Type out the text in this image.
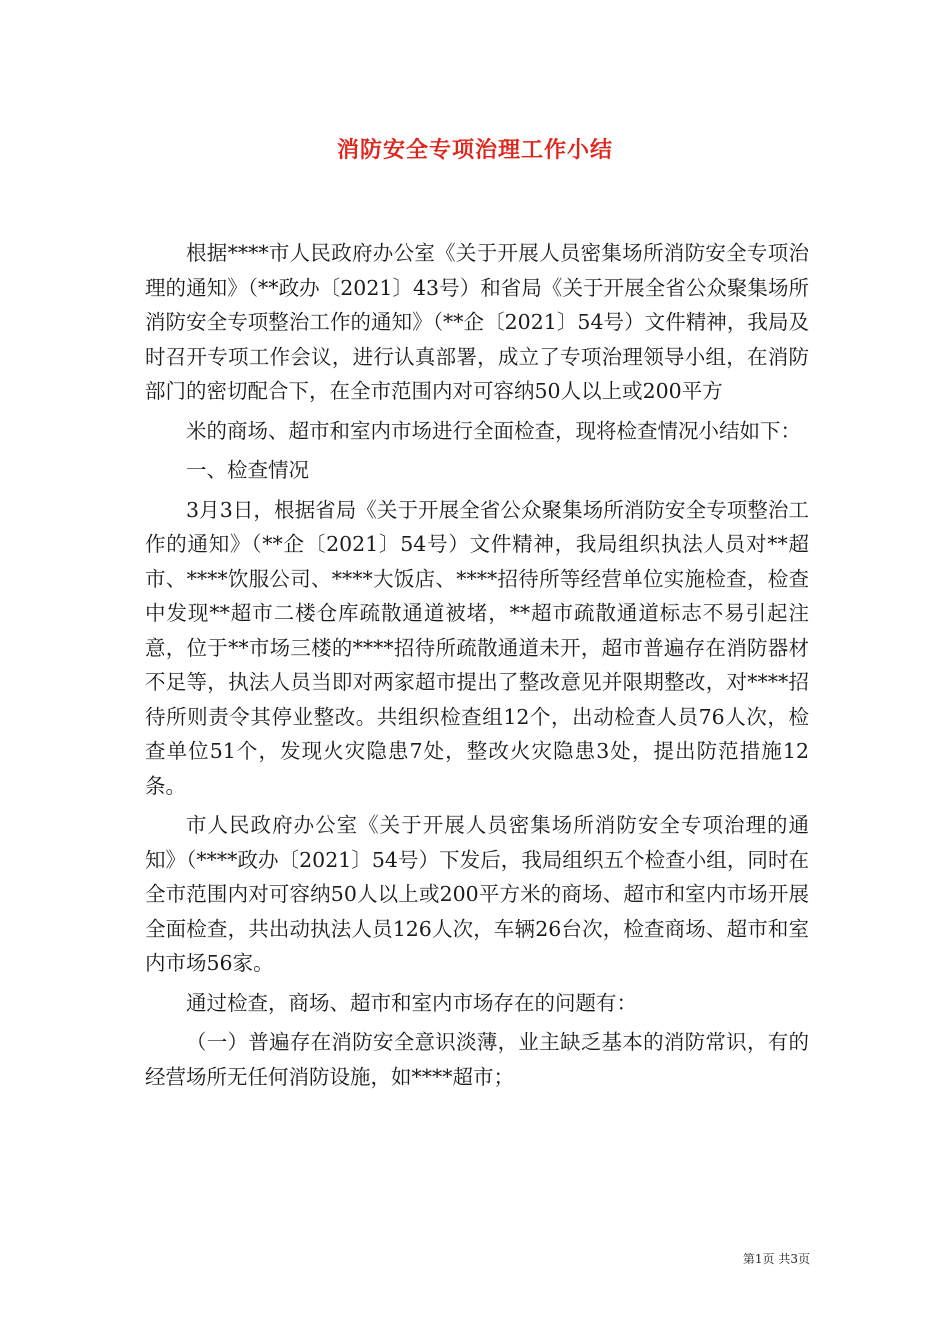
消防安全专项治理工作小结

根据****市人民政府办公室《关于开展人员密集场所消防安全专项治理的通知》（**政办〔2021〕43号）和省局《关于开展全省公众聚集场所消防安全专项整治工作的通知》（**企〔2021〕54号）文件精神，我局及时召开专项工作会议，进行认真部署，成立了专项治理领导小组，在消防部门的密切配合下，在全市范围内对可容纳50人以上或200平方

米的商场、超市和室内市场进行全面检查，现将检查情况小结如下：

一、检查情况

3月3日，根据省局《关于开展全省公众聚集场所消防安全专项整治工作的通知》（**企〔2021〕54号）文件精神，我局组织执法人员对**超市、****饮服公司、****大饭店、****招待所等经营单位实施检查，检查中发现**超市二楼仓库疏散通道被堵，**超市疏散通道标志不易引起注意，位于**市场三楼的****招待所疏散通道未开，超市普遍存在消防器材不足等，执法人员当即对两家超市提出了整改意见并限期整改，对****招待所则责令其停业整改。共组织检查组12个，出动检查人员76人次，检查单位51个，发现火灾隐患7处，整改火灾隐患3处，提出防范措施12条。

市人民政府办公室《关于开展人员密集场所消防安全专项治理的通知》（****政办〔2021〕54号）下发后，我局组织五个检查小组，同时在全市范围内对可容纳50人以上或200平方米的商场、超市和室内市场开展全面检查，共出动执法人员126人次，车辆26台次，检查商场、超市和室内市场56家。

通过检查，商场、超市和室内市场存在的问题有：

（一）普遍存在消防安全意识淡薄，业主缺乏基本的消防常识，有的经营场所无任何消防设施，如****超市；

第1页 共3页
